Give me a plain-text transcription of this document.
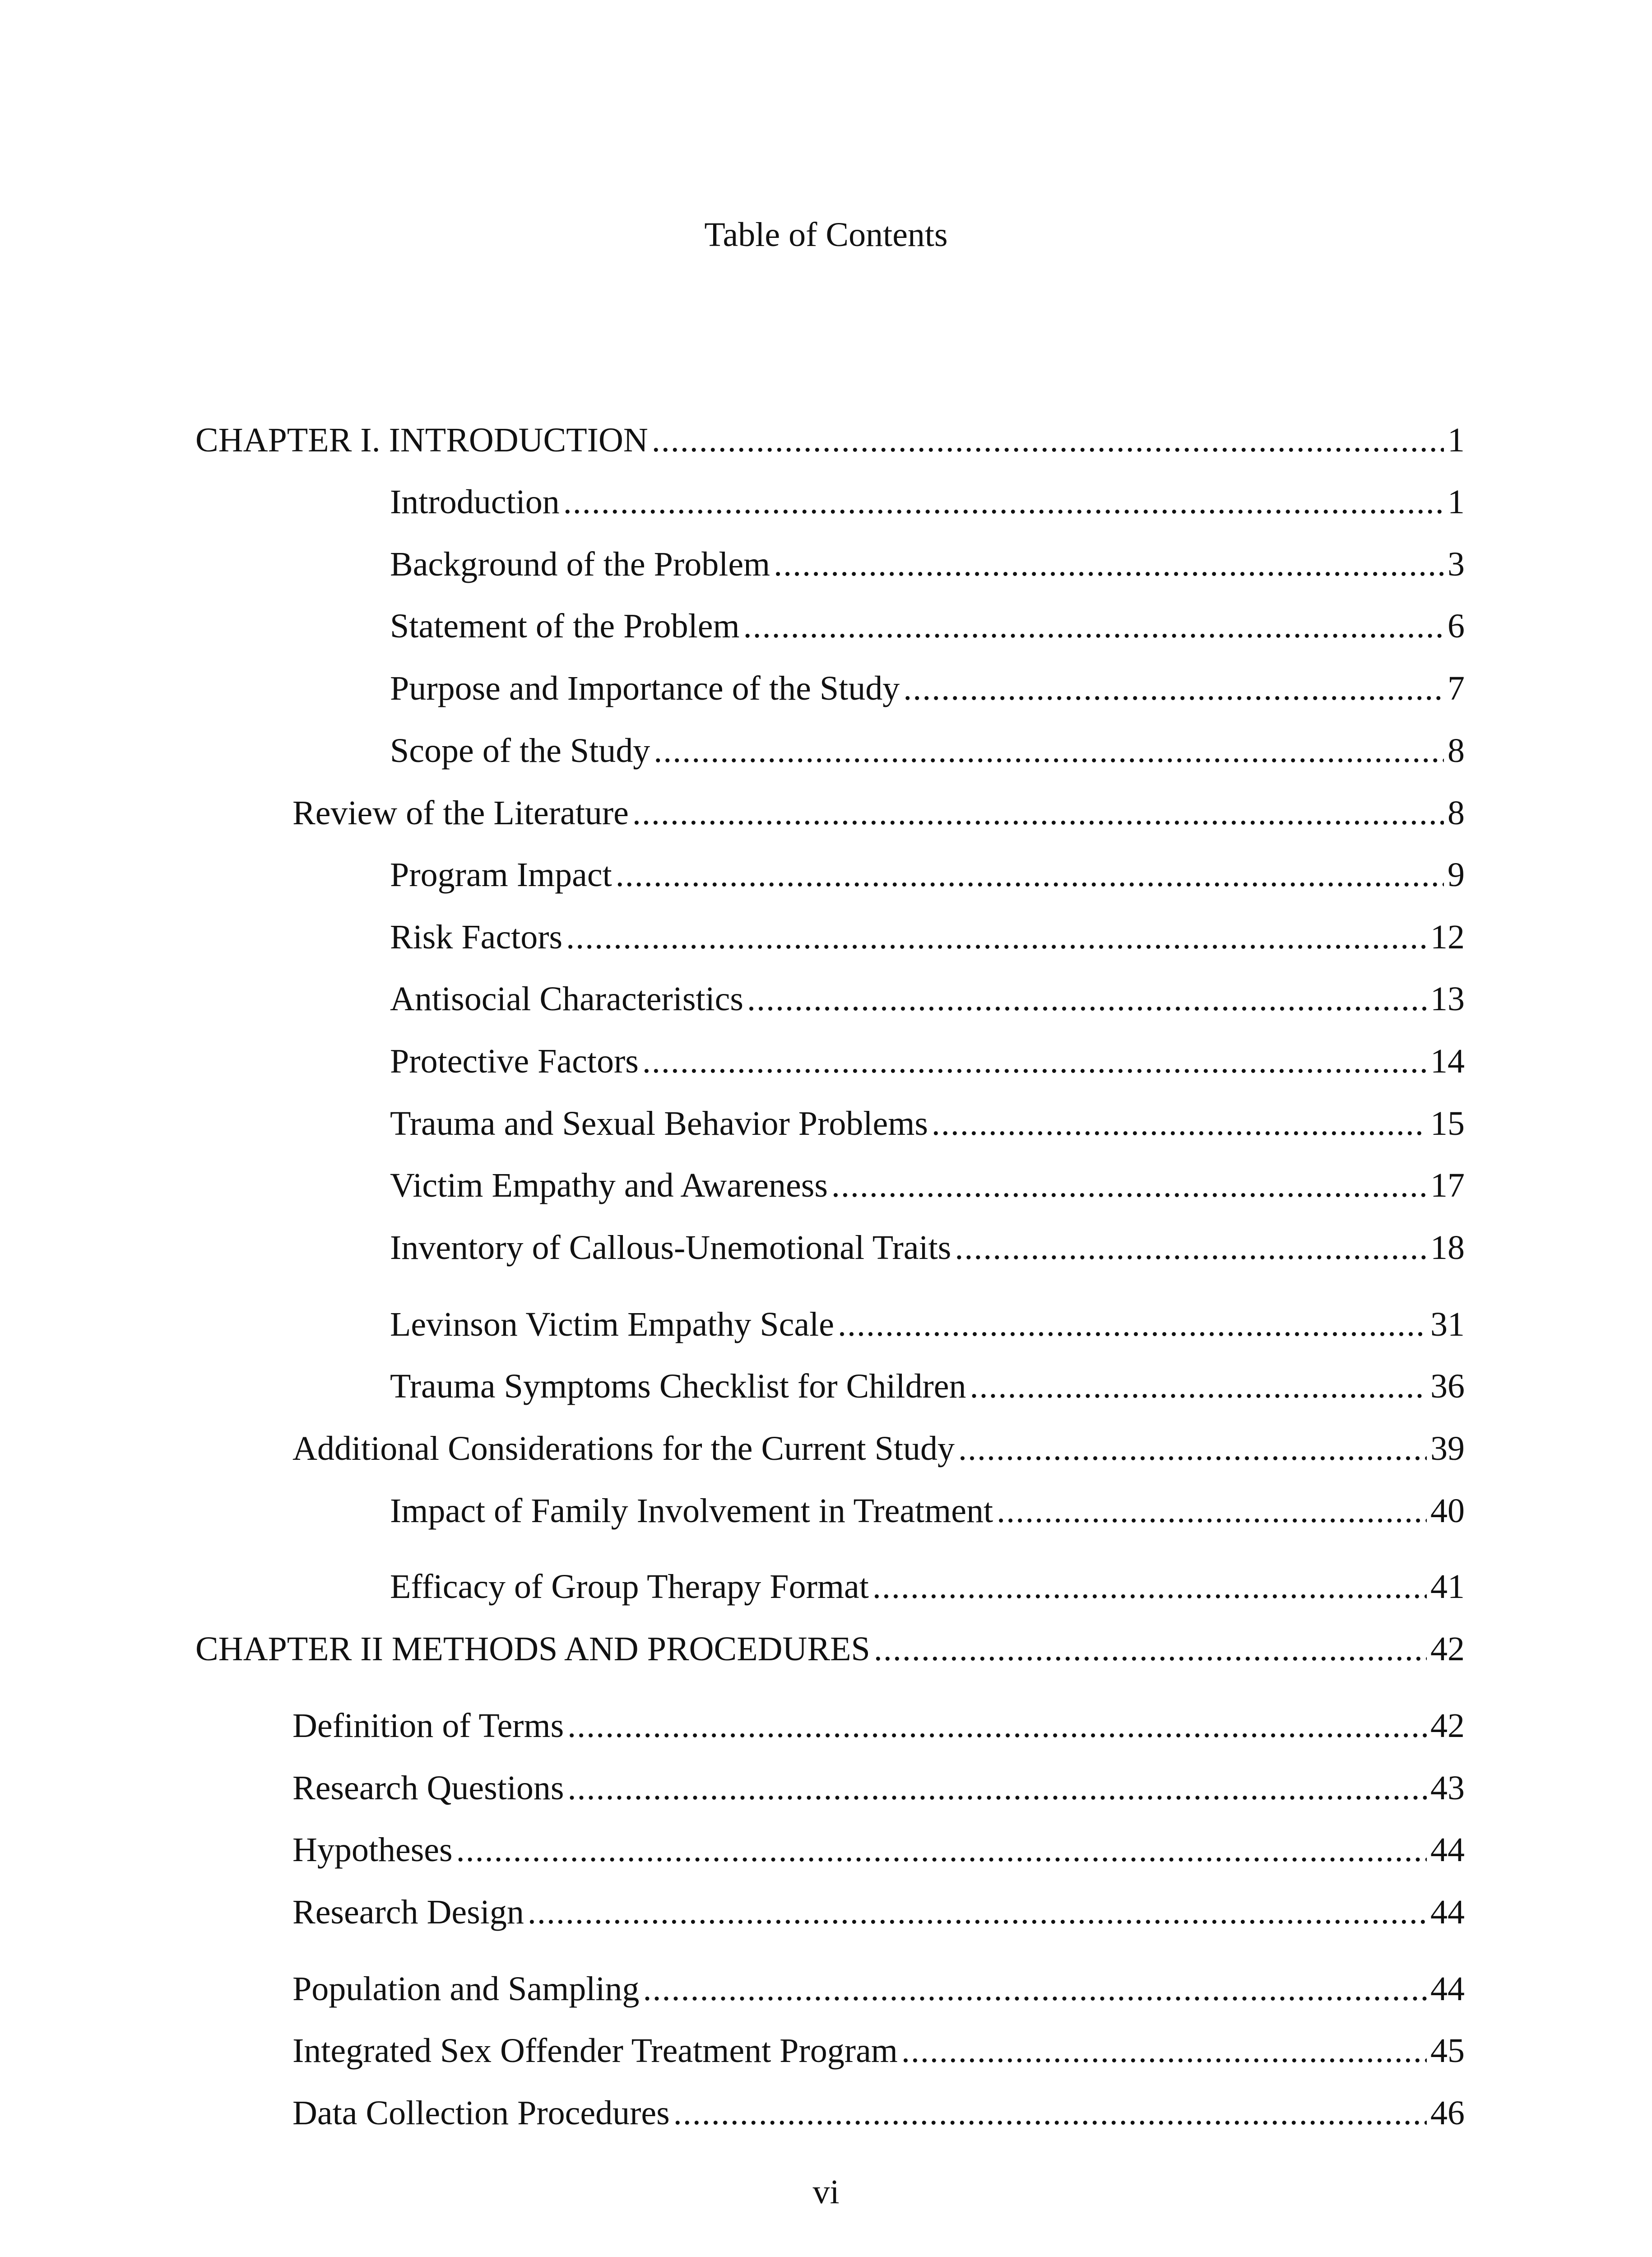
Table of Contents
CHAPTER I. INTRODUCTION .....	1
Introduction .....	1
Background of the Problem .....	3
Statement of the Problem .....	6
Purpose and Importance of the Study .....	7
Scope of the Study .....	8
Review of the Literature .....	8
Program Impact .....	9
Risk Factors .....	12
Antisocial Characteristics .....	13
Protective Factors .....	14
Trauma and Sexual Behavior Problems .....	15
Victim Empathy and Awareness .....	17
Inventory of Callous-Unemotional Traits .....	18
Levinson Victim Empathy Scale .....	31
Trauma Symptoms Checklist for Children .....	36
Additional Considerations for the Current Study .....	39
Impact of Family Involvement in Treatment .....	40
Efficacy of Group Therapy Format .....	41
CHAPTER II METHODS AND PROCEDURES .....	42
Definition of Terms .....	42
Research Questions .....	43
Hypotheses .....	44
Research Design .....	44
Population and Sampling .....	44
Integrated Sex Offender Treatment Program .....	45
Data Collection Procedures .....	46
vi
